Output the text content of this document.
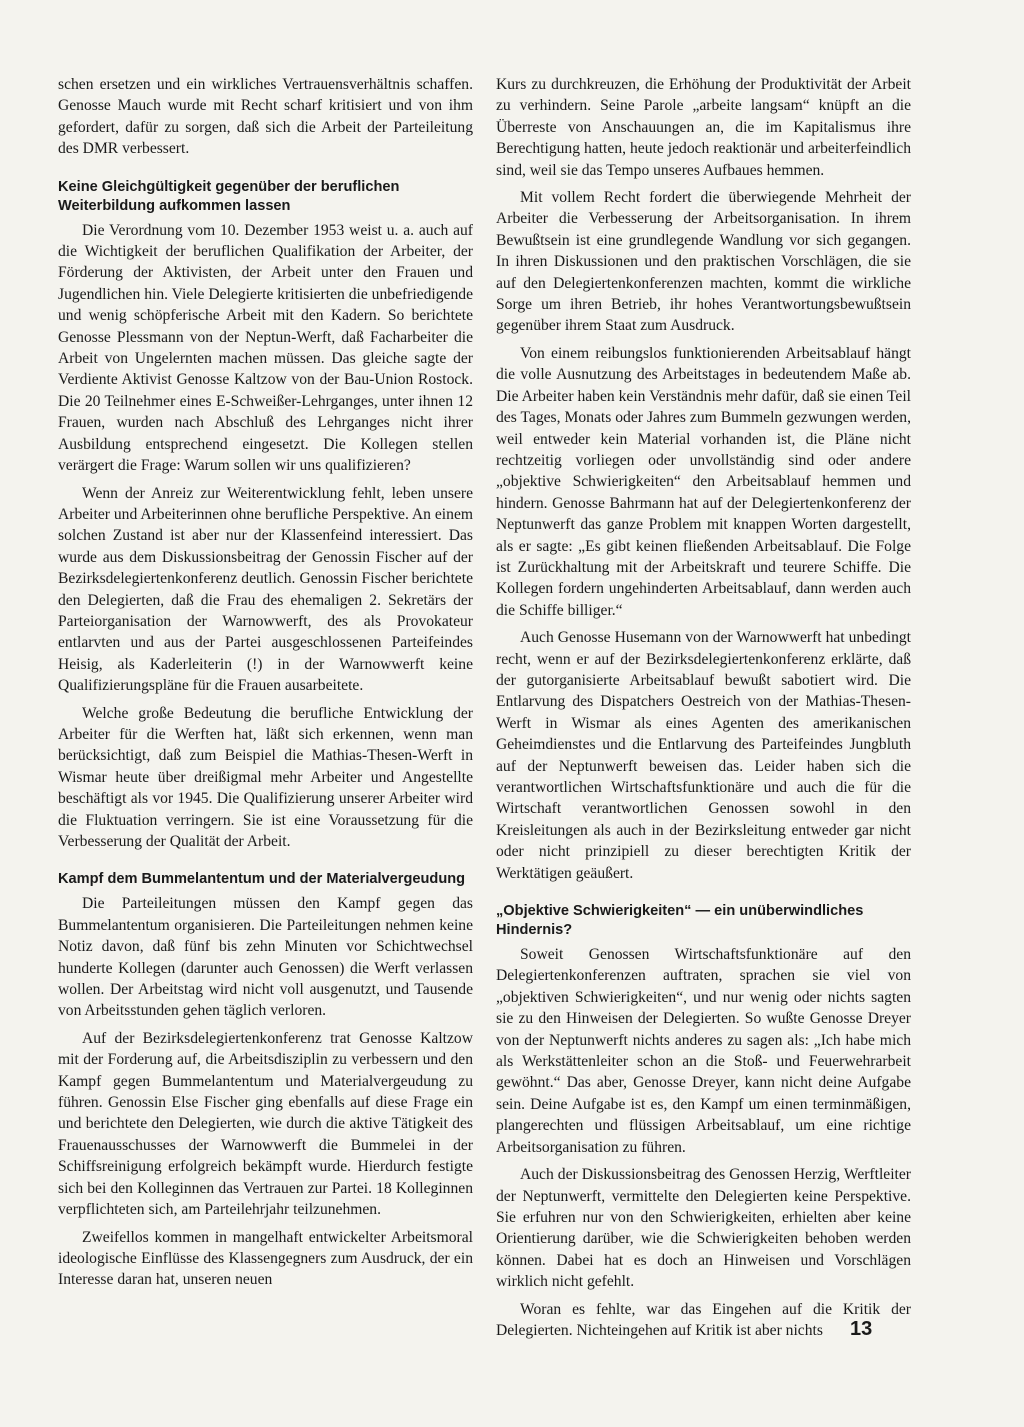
schen ersetzen und ein wirkliches Vertrauensverhältnis schaffen. Genosse Mauch wurde mit Recht scharf kritisiert und von ihm gefordert, dafür zu sorgen, daß sich die Arbeit der Parteileitung des DMR verbessert.

Keine Gleichgültigkeit gegenüber der beruflichen Weiterbildung aufkommen lassen

Die Verordnung vom 10. Dezember 1953 weist u. a. auch auf die Wichtigkeit der beruflichen Qualifikation der Arbeiter, der Förderung der Aktivisten, der Arbeit unter den Frauen und Jugendlichen hin. Viele Delegierte kritisierten die unbefriedigende und wenig schöpferische Arbeit mit den Kadern. So berichtete Genosse Plessmann von der Neptun-Werft, daß Facharbeiter die Arbeit von Ungelernten machen müssen. Das gleiche sagte der Verdiente Aktivist Genosse Kaltzow von der Bau-Union Rostock. Die 20 Teilnehmer eines E-Schweißer-Lehrganges, unter ihnen 12 Frauen, wurden nach Abschluß des Lehrganges nicht ihrer Ausbildung entsprechend eingesetzt. Die Kollegen stellen verärgert die Frage: Warum sollen wir uns qualifizieren?

Wenn der Anreiz zur Weiterentwicklung fehlt, leben unsere Arbeiter und Arbeiterinnen ohne berufliche Perspektive. An einem solchen Zustand ist aber nur der Klassenfeind interessiert. Das wurde aus dem Diskussionsbeitrag der Genossin Fischer auf der Bezirksdelegiertenkonferenz deutlich. Genossin Fischer berichtete den Delegierten, daß die Frau des ehemaligen 2. Sekretärs der Parteiorganisation der Warnowwerft, des als Provokateur entlarvten und aus der Partei ausgeschlossenen Parteifeindes Heisig, als Kaderleiterin (!) in der Warnowwerft keine Qualifizierungspläne für die Frauen ausarbeitete.

Welche große Bedeutung die berufliche Entwicklung der Arbeiter für die Werften hat, läßt sich erkennen, wenn man berücksichtigt, daß zum Beispiel die Mathias-Thesen-Werft in Wismar heute über dreißigmal mehr Arbeiter und Angestellte beschäftigt als vor 1945. Die Qualifizierung unserer Arbeiter wird die Fluktuation verringern. Sie ist eine Voraussetzung für die Verbesserung der Qualität der Arbeit.

Kampf dem Bummelantentum und der Materialvergeudung

Die Parteileitungen müssen den Kampf gegen das Bummelantentum organisieren. Die Parteileitungen nehmen keine Notiz davon, daß fünf bis zehn Minuten vor Schichtwechsel hunderte Kollegen (darunter auch Genossen) die Werft verlassen wollen. Der Arbeitstag wird nicht voll ausgenutzt, und Tausende von Arbeitsstunden gehen täglich verloren.

Auf der Bezirksdelegiertenkonferenz trat Genosse Kaltzow mit der Forderung auf, die Arbeitsdisziplin zu verbessern und den Kampf gegen Bummelantentum und Materialvergeudung zu führen. Genossin Else Fischer ging ebenfalls auf diese Frage ein und berichtete den Delegierten, wie durch die aktive Tätigkeit des Frauenausschusses der Warnowwerft die Bummelei in der Schiffsreinigung erfolgreich bekämpft wurde. Hierdurch festigte sich bei den Kolleginnen das Vertrauen zur Partei. 18 Kolleginnen verpflichteten sich, am Parteilehrjahr teilzunehmen.

Zweifellos kommen in mangelhaft entwickelter Arbeitsmoral ideologische Einflüsse des Klassengegners zum Ausdruck, der ein Interesse daran hat, unseren neuen

Kurs zu durchkreuzen, die Erhöhung der Produktivität der Arbeit zu verhindern. Seine Parole „arbeite langsam“ knüpft an die Überreste von Anschauungen an, die im Kapitalismus ihre Berechtigung hatten, heute jedoch reaktionär und arbeiterfeindlich sind, weil sie das Tempo unseres Aufbaues hemmen.

Mit vollem Recht fordert die überwiegende Mehrheit der Arbeiter die Verbesserung der Arbeitsorganisation. In ihrem Bewußtsein ist eine grundlegende Wandlung vor sich gegangen. In ihren Diskussionen und den praktischen Vorschlägen, die sie auf den Delegiertenkonferenzen machten, kommt die wirkliche Sorge um ihren Betrieb, ihr hohes Verantwortungsbewußtsein gegenüber ihrem Staat zum Ausdruck.

Von einem reibungslos funktionierenden Arbeitsablauf hängt die volle Ausnutzung des Arbeitstages in bedeutendem Maße ab. Die Arbeiter haben kein Verständnis mehr dafür, daß sie einen Teil des Tages, Monats oder Jahres zum Bummeln gezwungen werden, weil entweder kein Material vorhanden ist, die Pläne nicht rechtzeitig vorliegen oder unvollständig sind oder andere „objektive Schwierigkeiten“ den Arbeitsablauf hemmen und hindern. Genosse Bahrmann hat auf der Delegiertenkonferenz der Neptunwerft das ganze Problem mit knappen Worten dargestellt, als er sagte: „Es gibt keinen fließenden Arbeitsablauf. Die Folge ist Zurückhaltung mit der Arbeitskraft und teurere Schiffe. Die Kollegen fordern ungehinderten Arbeitsablauf, dann werden auch die Schiffe billiger.“

Auch Genosse Husemann von der Warnowwerft hat unbedingt recht, wenn er auf der Bezirksdelegiertenkonferenz erklärte, daß der gutorganisierte Arbeitsablauf bewußt sabotiert wird. Die Entlarvung des Dispatchers Oestreich von der Mathias-Thesen-Werft in Wismar als eines Agenten des amerikanischen Geheimdienstes und die Entlarvung des Parteifeindes Jungbluth auf der Neptunwerft beweisen das. Leider haben sich die verantwortlichen Wirtschaftsfunktionäre und auch die für die Wirtschaft verantwortlichen Genossen sowohl in den Kreisleitungen als auch in der Bezirksleitung entweder gar nicht oder nicht prinzipiell zu dieser berechtigten Kritik der Werktätigen geäußert.

„Objektive Schwierigkeiten“ — ein unüberwindliches Hindernis?

Soweit Genossen Wirtschaftsfunktionäre auf den Delegiertenkonferenzen auftraten, sprachen sie viel von „objektiven Schwierigkeiten“, und nur wenig oder nichts sagten sie zu den Hinweisen der Delegierten. So wußte Genosse Dreyer von der Neptunwerft nichts anderes zu sagen als: „Ich habe mich als Werkstättenleiter schon an die Stoß- und Feuerwehrarbeit gewöhnt.“ Das aber, Genosse Dreyer, kann nicht deine Aufgabe sein. Deine Aufgabe ist es, den Kampf um einen terminmäßigen, plangerechten und flüssigen Arbeitsablauf, um eine richtige Arbeitsorganisation zu führen.

Auch der Diskussionsbeitrag des Genossen Herzig, Werftleiter der Neptunwerft, vermittelte den Delegierten keine Perspektive. Sie erfuhren nur von den Schwierigkeiten, erhielten aber keine Orientierung darüber, wie die Schwierigkeiten behoben werden können. Dabei hat es doch an Hinweisen und Vorschlägen wirklich nicht gefehlt.

Woran es fehlte, war das Eingehen auf die Kritik der Delegierten. Nichteingehen auf Kritik ist aber nichts	13
